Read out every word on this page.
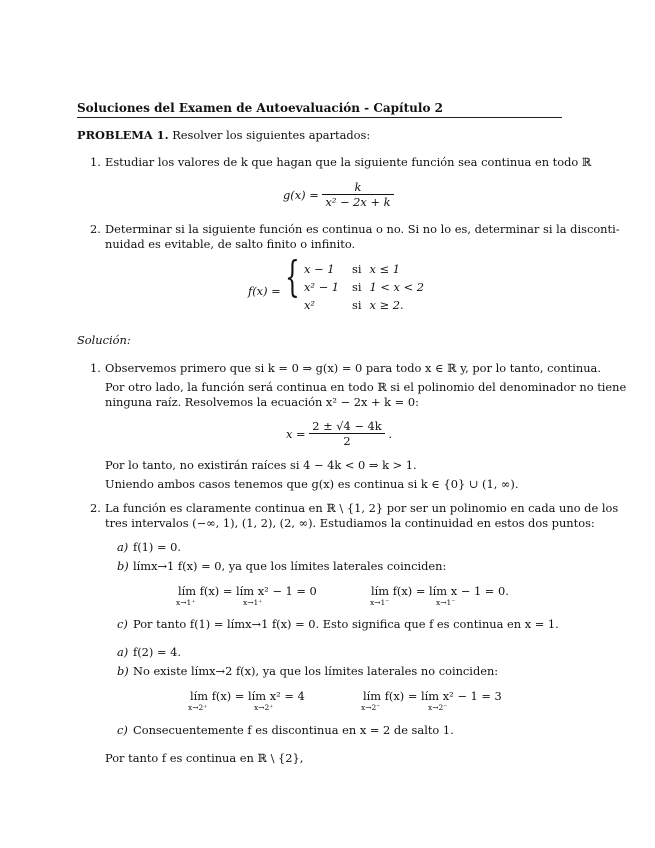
Soluciones del Examen de Autoevaluación - Capítulo 2
PROBLEMA 1. Resolver los siguientes apartados:
1. Estudiar los valores de k que hagan que la siguiente función sea continua en todo ℝ
$g(x) = \frac{k}{\text{x² − 2x + k}}$
2. Determinar si la siguiente función es continua o no. Si no lo es, determinar si la disconti-
nuidad es evitable, de salto finito o infinito.
f(x) = { x − 1	si	x ≤ 1
x² − 1	si	1 < x < 2
x²	si	x ≥ 2.
Solución:
1. Observemos primero que si k = 0 ⇒ g(x) = 0 para todo x ∈ ℝ y, por lo tanto, continua.
Por otro lado, la función será continua en todo ℝ si el polinomio del denominador no tiene
ninguna raíz. Resolvemos la ecuación x² − 2x + k = 0:
$x = \frac{2 \pm √4 - 4k}{2}$ .
Por lo tanto, no existirán raíces si 4 − 4k < 0 ⇒ k > 1.
Uniendo ambos casos tenemos que g(x) es continua si k ∈ {0} ∪ (1, ∞).
2. La función es claramente continua en ℝ \ {1, 2} por ser un polinomio en cada uno de los
tres intervalos (−∞, 1), (1, 2), (2, ∞). Estudiamos la continuidad en estos dos puntos:
a) f(1) = 0.
b) límx→1 f(x) = 0, ya que los límites laterales coinciden:
lím f(x) = lím x² − 1 = 0
x→1⁺	x→1⁺
lím f(x) = lím x − 1 = 0.
x→1⁻	x→1⁻
c) Por tanto f(1) = límx→1 f(x) = 0. Esto significa que f es continua en x = 1.
a) f(2) = 4.
b) No existe límx→2 f(x), ya que los límites laterales no coinciden:
lím f(x) = lím x² = 4
x→2⁺	x→2⁺
lím f(x) = lím x² − 1 = 3
x→2⁻	x→2⁻
c) Consecuentemente f es discontinua en x = 2 de salto 1.
Por tanto f es continua en ℝ \ {2},
